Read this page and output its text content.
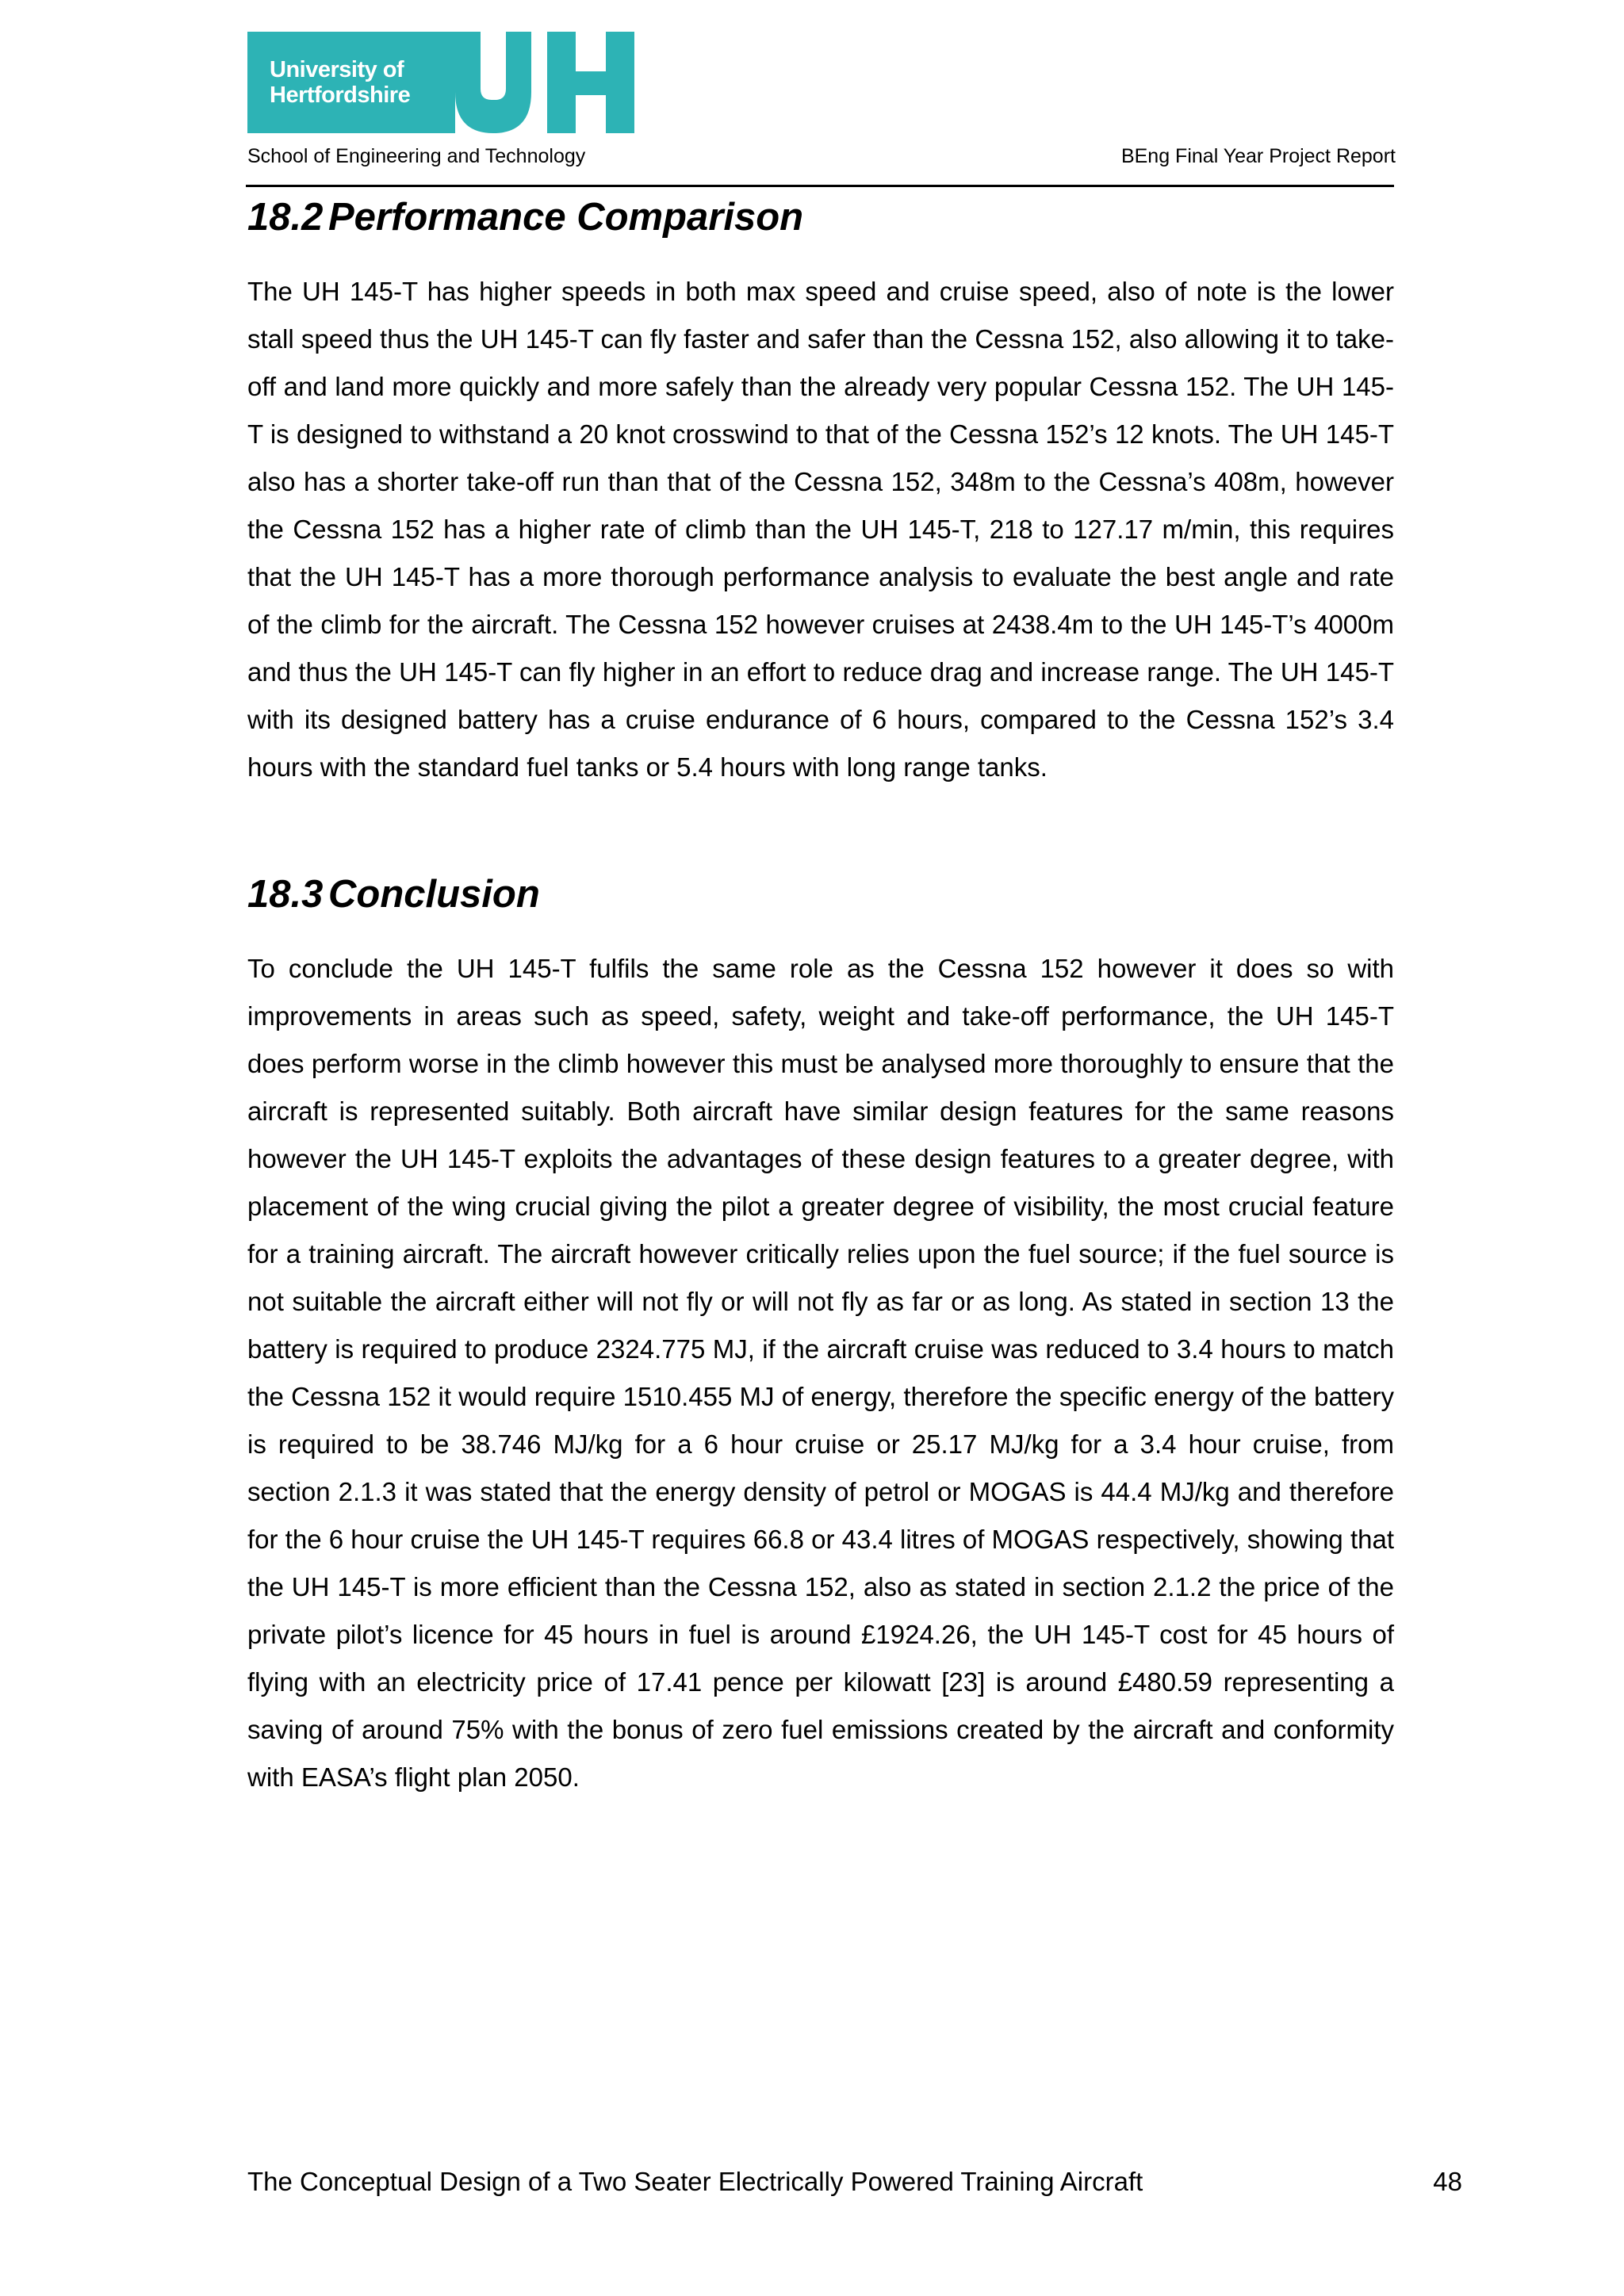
University of
Hertfordshire
School of Engineering and Technology	BEng Final Year Project Report
18.2 Performance Comparison
The UH 145-T has higher speeds in both max speed and cruise speed, also of note is the lower stall speed thus the UH 145-T can fly faster and safer than the Cessna 152, also allowing it to take-off and land more quickly and more safely than the already very popular Cessna 152. The UH 145-T is designed to withstand a 20 knot crosswind to that of the Cessna 152’s 12 knots. The UH 145-T also has a shorter take-off run than that of the Cessna 152, 348m to the Cessna’s 408m, however the Cessna 152 has a higher rate of climb than the UH 145-T, 218 to 127.17 m/min, this requires that the UH 145-T has a more thorough performance analysis to evaluate the best angle and rate of the climb for the aircraft. The Cessna 152 however cruises at 2438.4m to the UH 145-T’s 4000m and thus the UH 145-T can fly higher in an effort to reduce drag and increase range. The UH 145-T with its designed battery has a cruise endurance of 6 hours, compared to the Cessna 152’s 3.4 hours with the standard fuel tanks or 5.4 hours with long range tanks.
18.3 Conclusion
To conclude the UH 145-T fulfils the same role as the Cessna 152 however it does so with improvements in areas such as speed, safety, weight and take-off performance, the UH 145-T does perform worse in the climb however this must be analysed more thoroughly to ensure that the aircraft is represented suitably. Both aircraft have similar design features for the same reasons however the UH 145-T exploits the advantages of these design features to a greater degree, with placement of the wing crucial giving the pilot a greater degree of visibility, the most crucial feature for a training aircraft. The aircraft however critically relies upon the fuel source; if the fuel source is not suitable the aircraft either will not fly or will not fly as far or as long. As stated in section 13 the battery is required to produce 2324.775 MJ, if the aircraft cruise was reduced to 3.4 hours to match the Cessna 152 it would require 1510.455 MJ of energy, therefore the specific energy of the battery is required to be 38.746 MJ/kg for a 6 hour cruise or 25.17 MJ/kg for a 3.4 hour cruise, from section 2.1.3 it was stated that the energy density of petrol or MOGAS is 44.4 MJ/kg and therefore for the 6 hour cruise the UH 145-T requires 66.8 or 43.4 litres of MOGAS respectively, showing that the UH 145-T is more efficient than the Cessna 152, also as stated in section 2.1.2 the price of the private pilot’s licence for 45 hours in fuel is around £1924.26, the UH 145-T cost for 45 hours of flying with an electricity price of 17.41 pence per kilowatt [23] is around £480.59 representing a saving of around 75% with the bonus of zero fuel emissions created by the aircraft and conformity with EASA’s flight plan 2050.
The Conceptual Design of a Two Seater Electrically Powered Training Aircraft	48
